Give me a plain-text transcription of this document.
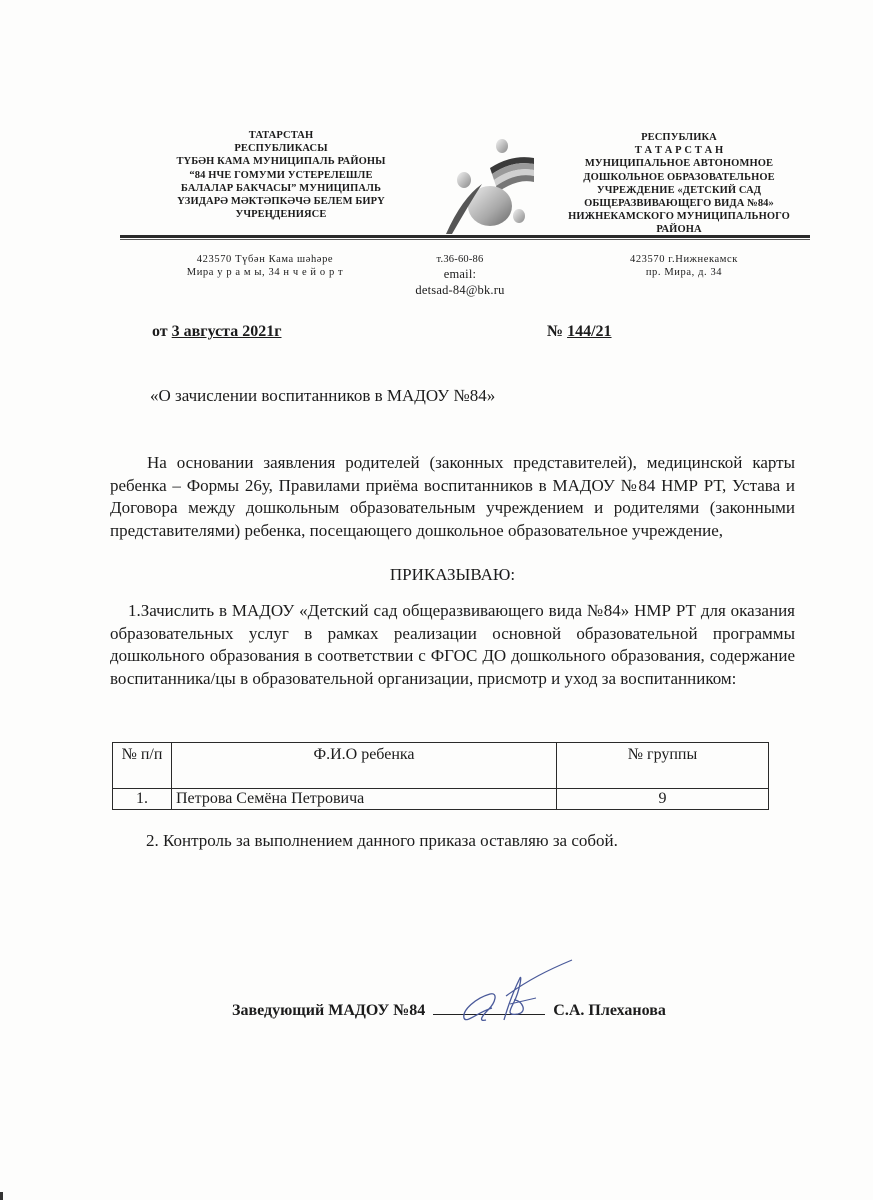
ТАТАРСТАН
РЕСПУБЛИКАСЫ
ТҮБӘН КАМА МУНИЦИПАЛЬ РАЙОНЫ
“84 НЧЕ ГОМУМИ УСТЕРЕЛЕШЛЕ
БАЛАЛАР БАКЧАСЫ” МУНИЦИПАЛЬ
ҮЗИДАРӘ МӘКТӘПКӘЧӘ БЕЛЕМ БИРҮ
УЧРЕҢДЕНИЯСЕ
РЕСПУБЛИКА
Т А Т А Р С Т А Н
МУНИЦИПАЛЬНОЕ АВТОНОМНОЕ
ДОШКОЛЬНОЕ ОБРАЗОВАТЕЛЬНОЕ
УЧРЕЖДЕНИЕ «ДЕТСКИЙ САД
ОБЩЕРАЗВИВАЮЩЕГО ВИДА №84»
НИЖНЕКАМСКОГО МУНИЦИПАЛЬНОГО
РАЙОНА
423570 Түбән Кама шәһәре
Мира у р а м ы, 34 н ч е й о р т
т.36-60-86
email:
detsad-84@bk.ru
423570 г.Нижнекамск
пр. Мира, д. 34
от 3 августа 2021г	№ 144/21
«О зачислении воспитанников в МАДОУ №84»
На основании заявления родителей (законных представителей), медицинской карты ребенка – Формы 26у, Правилами приёма воспитанников в МАДОУ №84 НМР РТ, Устава и Договора между дошкольным образовательным учреждением и родителями (законными представителями) ребенка, посещающего дошкольное образовательное учреждение,
ПРИКАЗЫВАЮ:
1.Зачислить в МАДОУ «Детский сад общеразвивающего вида №84» НМР РТ для оказания образовательных услуг в рамках реализации основной образовательной программы дошкольного образования в соответствии с ФГОС ДО дошкольного образования, содержание воспитанника/цы в образовательной организации, присмотр и уход за воспитанником:
№ п/п	Ф.И.О ребенка	№ группы
1.	Петрова Семёна Петровича	9
2. Контроль за выполнением данного приказа оставляю за собой.
Заведующий МАДОУ №84	С.А. Плеханова
